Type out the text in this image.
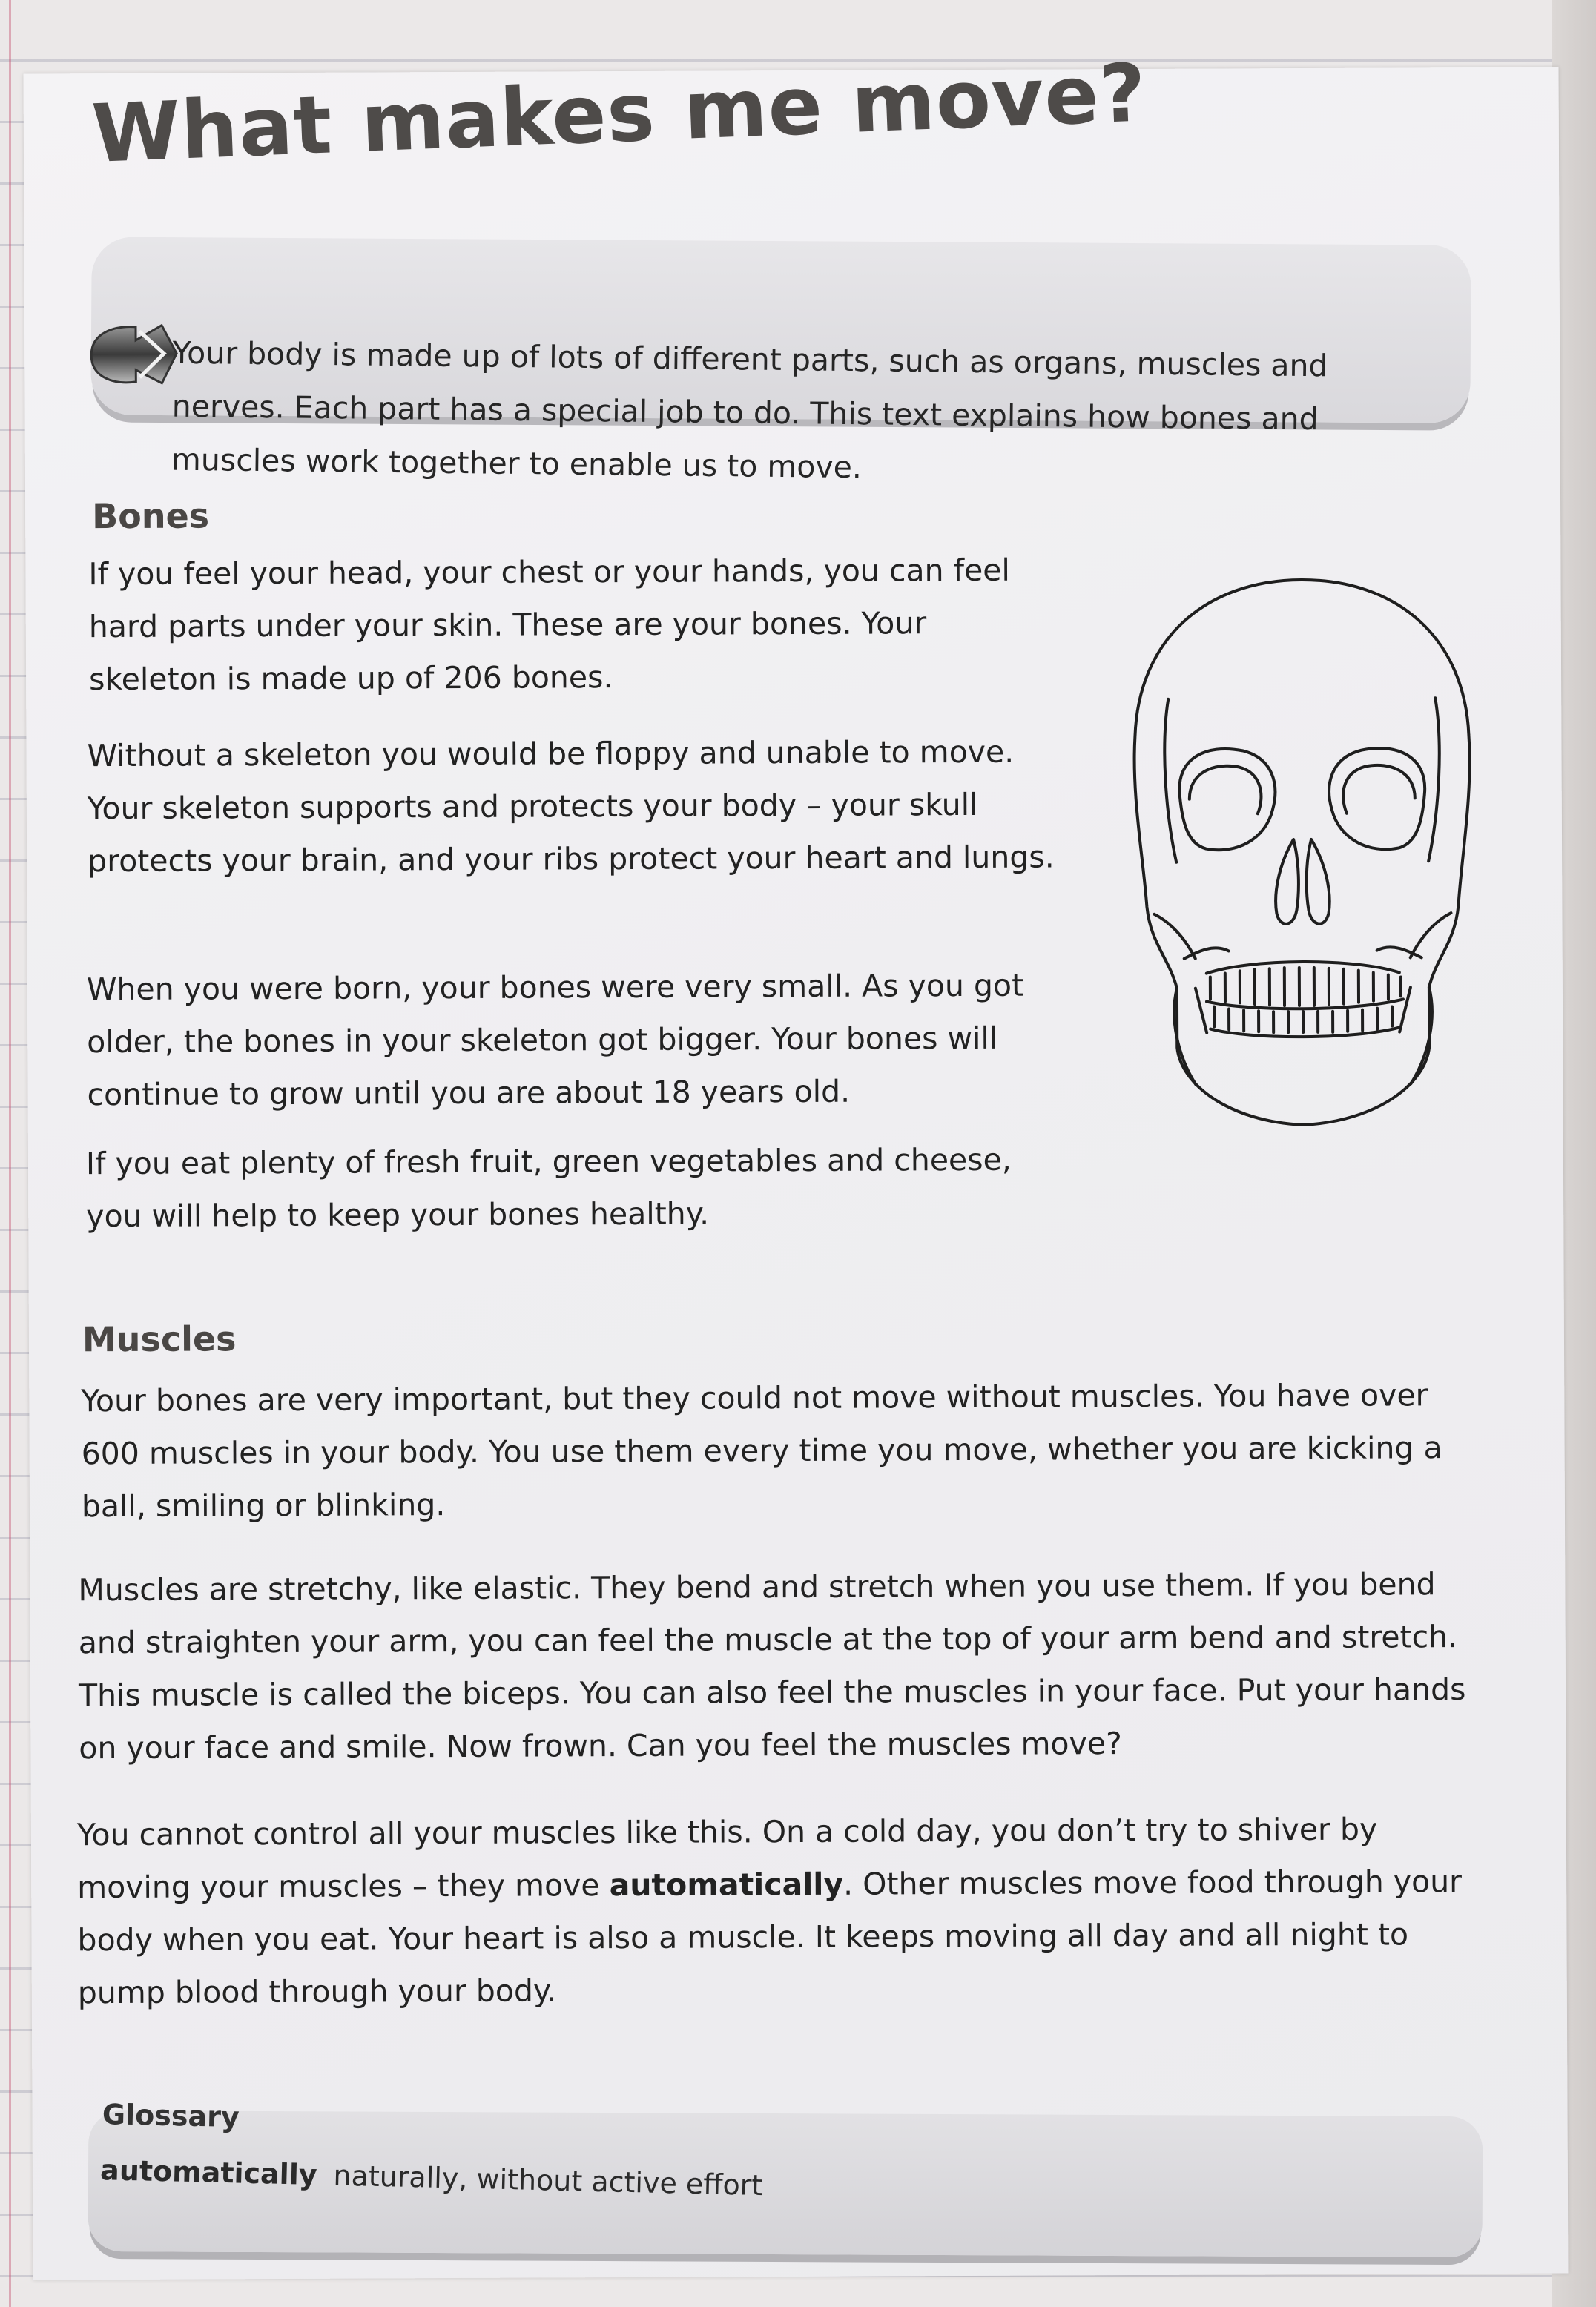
What makes me move?

Your body is made up of lots of different parts, such as organs, muscles and nerves. Each part has a special job to do. This text explains how bones and muscles work together to enable us to move.

Bones

If you feel your head, your chest or your hands, you can feel hard parts under your skin. These are your bones. Your skeleton is made up of 206 bones.

Without a skeleton you would be floppy and unable to move. Your skeleton supports and protects your body – your skull protects your brain, and your ribs protect your heart and lungs.

When you were born, your bones were very small. As you got older, the bones in your skeleton got bigger. Your bones will continue to grow until you are about 18 years old.

If you eat plenty of fresh fruit, green vegetables and cheese, you will help to keep your bones healthy.

Muscles

Your bones are very important, but they could not move without muscles. You have over 600 muscles in your body. You use them every time you move, whether you are kicking a ball, smiling or blinking.

Muscles are stretchy, like elastic. They bend and stretch when you use them. If you bend and straighten your arm, you can feel the muscle at the top of your arm bend and stretch. This muscle is called the biceps. You can also feel the muscles in your face. Put your hands on your face and smile. Now frown. Can you feel the muscles move?

You cannot control all your muscles like this. On a cold day, you don’t try to shiver by moving your muscles – they move automatically. Other muscles move food through your body when you eat. Your heart is also a muscle. It keeps moving all day and all night to pump blood through your body.

Glossary
automatically naturally, without active effort
